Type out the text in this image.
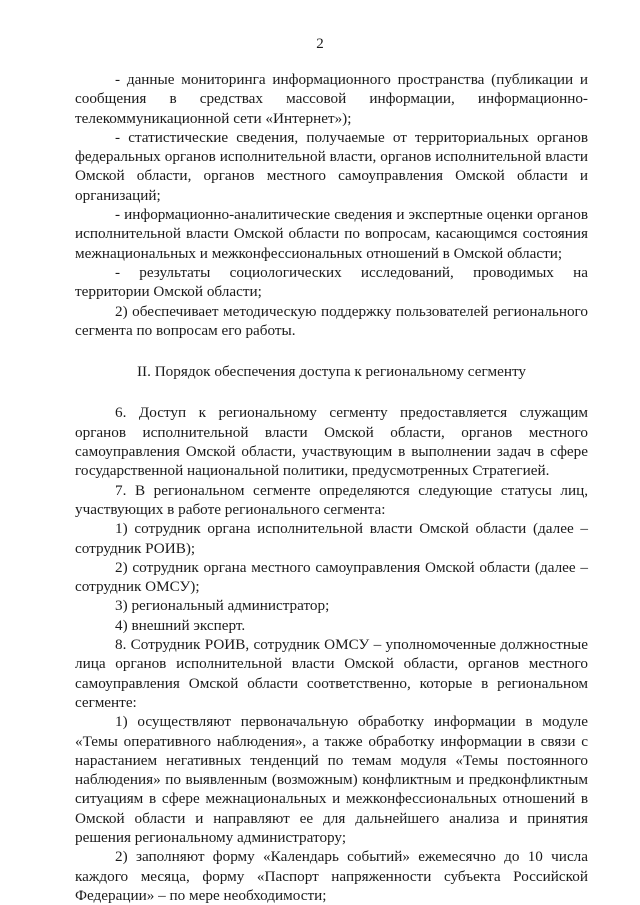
2

- данные мониторинга информационного пространства (публикации и сообщения в средствах массовой информации, информационно-телекоммуникационной сети «Интернет»);

- статистические сведения, получаемые от территориальных органов федеральных органов исполнительной власти, органов исполнительной власти Омской области, органов местного самоуправления Омской области и организаций;

- информационно-аналитические сведения и экспертные оценки органов исполнительной власти Омской области по вопросам, касающимся состояния межнациональных и межконфессиональных отношений в Омской области;

- результаты социологических исследований, проводимых на территории Омской области;

2) обеспечивает методическую поддержку пользователей регионального сегмента по вопросам его работы.

II. Порядок обеспечения доступа к региональному сегменту

6. Доступ к региональному сегменту предоставляется служащим органов исполнительной власти Омской области, органов местного самоуправления Омской области, участвующим в выполнении задач в сфере государственной национальной политики, предусмотренных Стратегией.

7. В региональном сегменте определяются следующие статусы лиц, участвующих в работе регионального сегмента:

1) сотрудник органа исполнительной власти Омской области (далее – сотрудник РОИВ);

2) сотрудник органа местного самоуправления Омской области (далее – сотрудник ОМСУ);

3) региональный администратор;

4) внешний эксперт.

8. Сотрудник РОИВ, сотрудник ОМСУ – уполномоченные должностные лица органов исполнительной власти Омской области, органов местного самоуправления Омской области соответственно, которые в региональном сегменте:

1) осуществляют первоначальную обработку информации в модуле «Темы оперативного наблюдения», а также обработку информации в связи с нарастанием негативных тенденций по темам модуля «Темы постоянного наблюдения» по выявленным (возможным) конфликтным и предконфликтным ситуациям в сфере межнациональных и межконфессиональных отношений в Омской области и направляют ее для дальнейшего анализа и принятия решения региональному администратору;

2) заполняют форму «Календарь событий» ежемесячно до 10 числа каждого месяца, форму «Паспорт напряженности субъекта Российской Федерации» – по мере необходимости;
